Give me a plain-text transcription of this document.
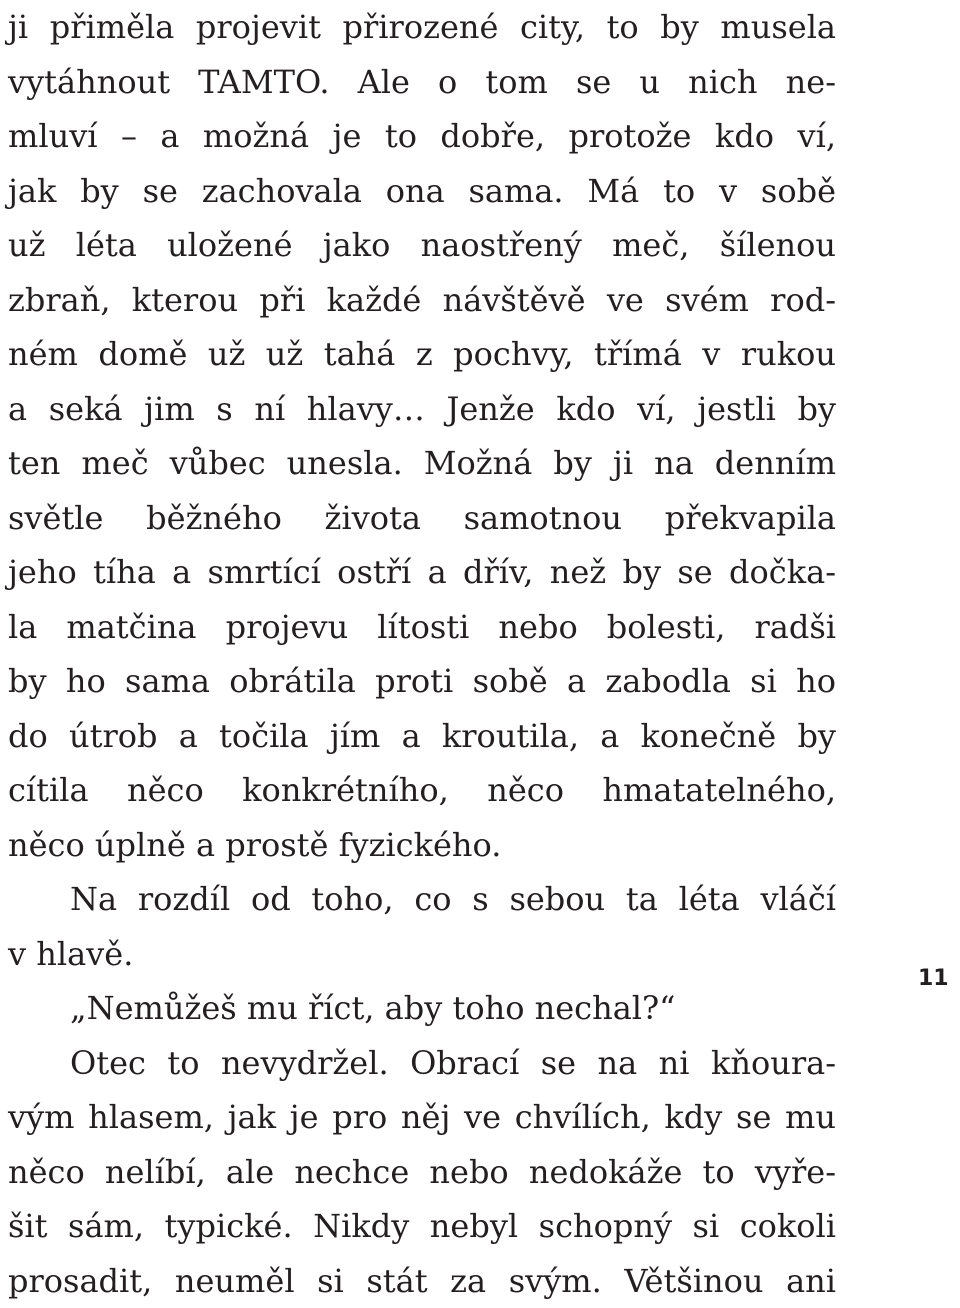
ji přiměla projevit přirozené city, to by musela
vytáhnout TAMTO. Ale o tom se u nich ne-
mluví – a možná je to dobře, protože kdo ví,
jak by se zachovala ona sama. Má to v sobě
už léta uložené jako naostřený meč, šílenou
zbraň, kterou při každé návštěvě ve svém rod-
ném domě už už tahá z pochvy, třímá v rukou
a seká jim s ní hlavy… Jenže kdo ví, jestli by
ten meč vůbec unesla. Možná by ji na denním
světle běžného života samotnou překvapila
jeho tíha a smrtící ostří a dřív, než by se dočka-
la matčina projevu lítosti nebo bolesti, radši
by ho sama obrátila proti sobě a zabodla si ho
do útrob a točila jím a kroutila, a konečně by
cítila něco konkrétního, něco hmatatelného,
něco úplně a prostě fyzického.
Na rozdíl od toho, co s sebou ta léta vláčí
v hlavě.
„Nemůžeš mu říct, aby toho nechal?“
Otec to nevydržel. Obrací se na ni kňoura-
vým hlasem, jak je pro něj ve chvílích, kdy se mu
něco nelíbí, ale nechce nebo nedokáže to vyře-
šit sám, typické. Nikdy nebyl schopný si cokoli
prosadit, neuměl si stát za svým. Většinou ani
11
